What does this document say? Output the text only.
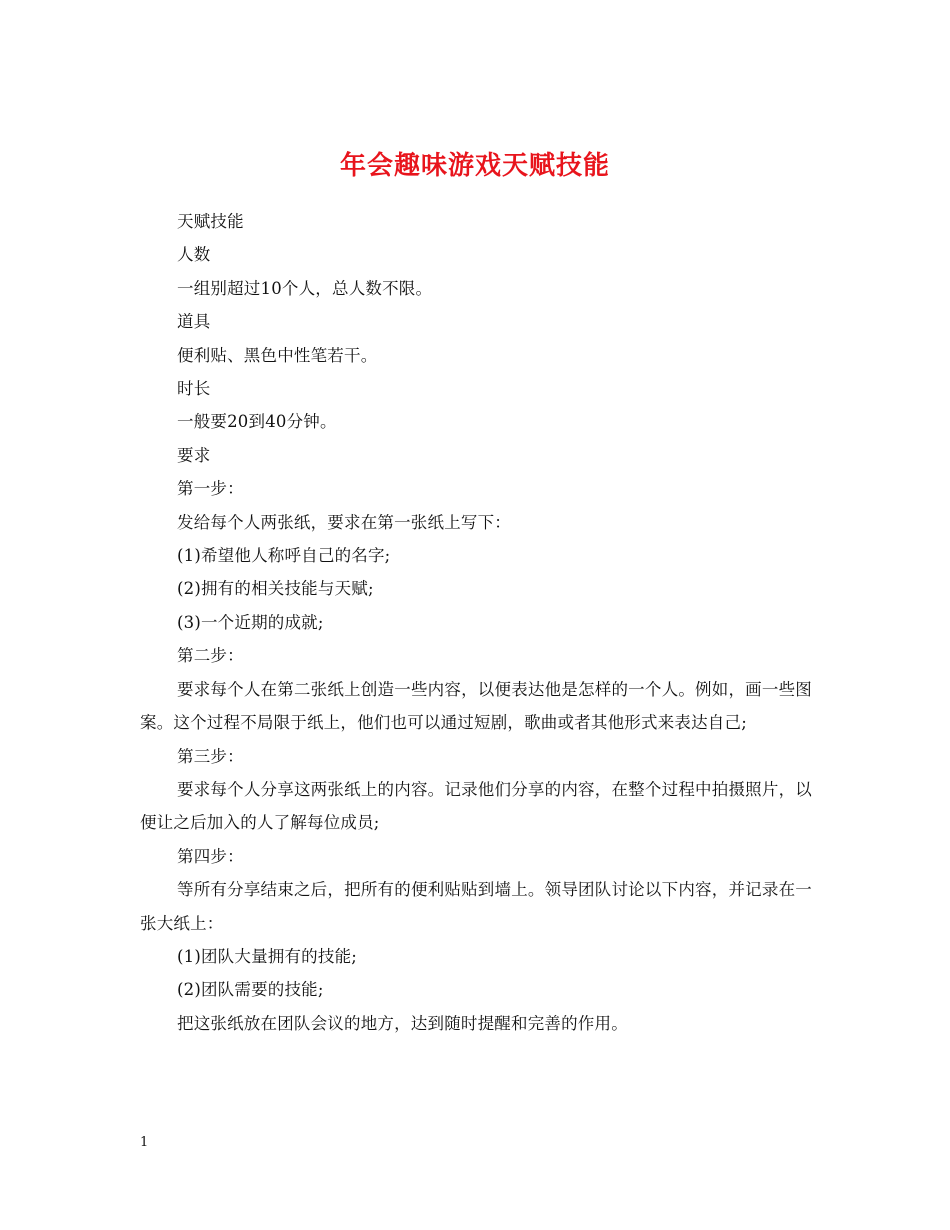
年会趣味游戏天赋技能

天赋技能

人数

一组别超过10个人，总人数不限。

道具

便利贴、黑色中性笔若干。

时长

一般要20到40分钟。

要求

第一步：

发给每个人两张纸，要求在第一张纸上写下：

(1)希望他人称呼自己的名字;

(2)拥有的相关技能与天赋;

(3)一个近期的成就;

第二步：

要求每个人在第二张纸上创造一些内容，以便表达他是怎样的一个人。例如，画一些图案。这个过程不局限于纸上，他们也可以通过短剧，歌曲或者其他形式来表达自己;

第三步：

要求每个人分享这两张纸上的内容。记录他们分享的内容，在整个过程中拍摄照片，以便让之后加入的人了解每位成员;

第四步：

等所有分享结束之后，把所有的便利贴贴到墙上。领导团队讨论以下内容，并记录在一张大纸上：

(1)团队大量拥有的技能;

(2)团队需要的技能;

把这张纸放在团队会议的地方，达到随时提醒和完善的作用。

1
